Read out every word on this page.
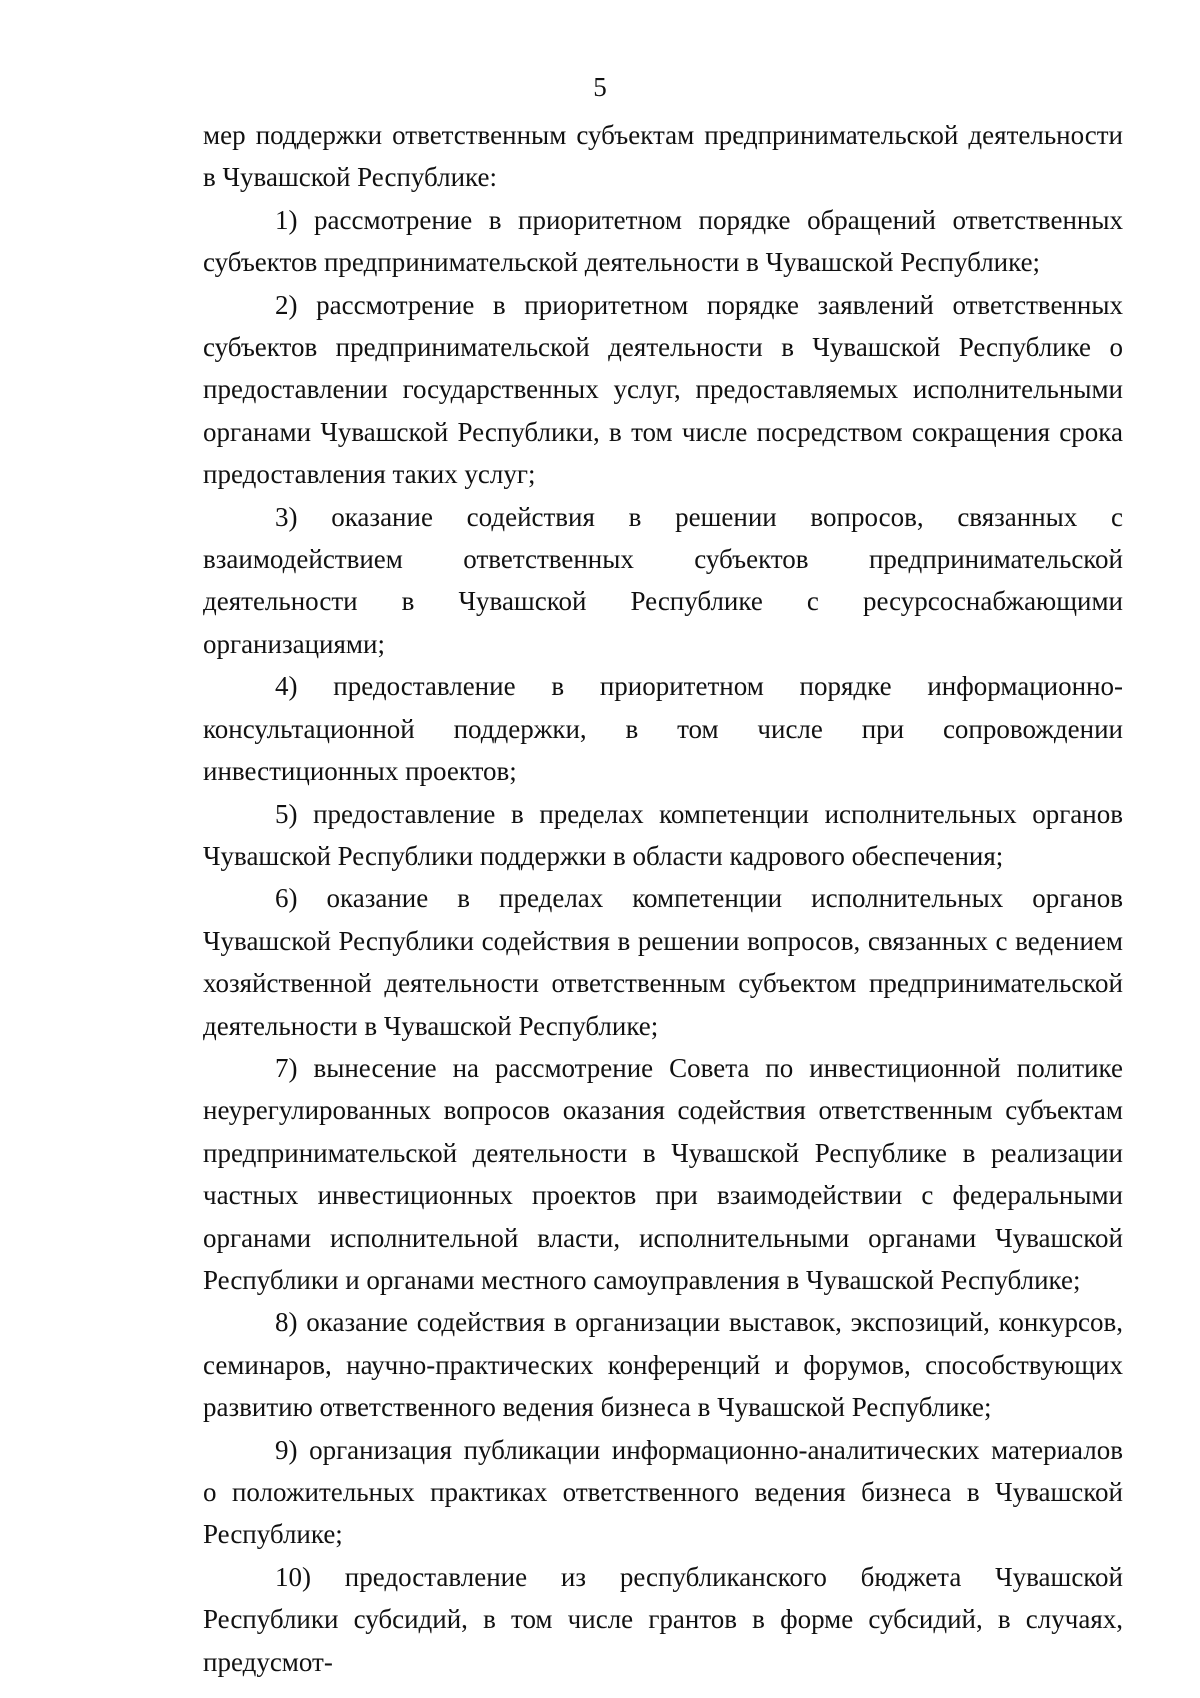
5

мер поддержки ответственным субъектам предпринимательской деятельности в Чувашской Республике:

1) рассмотрение в приоритетном порядке обращений ответственных субъектов предпринимательской деятельности в Чувашской Республике;

2) рассмотрение в приоритетном порядке заявлений ответственных субъектов предпринимательской деятельности в Чувашской Республике о предоставлении государственных услуг, предоставляемых исполнительными органами Чувашской Республики, в том числе посредством сокращения срока предоставления таких услуг;

3) оказание содействия в решении вопросов, связанных с взаимодействием ответственных субъектов предпринимательской деятельности в Чувашской Республике с ресурсоснабжающими организациями;

4) предоставление в приоритетном порядке информационно-консультационной поддержки, в том числе при сопровождении инвестиционных проектов;

5) предоставление в пределах компетенции исполнительных органов Чувашской Республики поддержки в области кадрового обеспечения;

6) оказание в пределах компетенции исполнительных органов Чувашской Республики содействия в решении вопросов, связанных с ведением хозяйственной деятельности ответственным субъектом предпринимательской деятельности в Чувашской Республике;

7) вынесение на рассмотрение Совета по инвестиционной политике неурегулированных вопросов оказания содействия ответственным субъектам предпринимательской деятельности в Чувашской Республике в реализации частных инвестиционных проектов при взаимодействии с федеральными органами исполнительной власти, исполнительными органами Чувашской Республики и органами местного самоуправления в Чувашской Республике;

8) оказание содействия в организации выставок, экспозиций, конкурсов, семинаров, научно-практических конференций и форумов, способствующих развитию ответственного ведения бизнеса в Чувашской Республике;

9) организация публикации информационно-аналитических материалов о положительных практиках ответственного ведения бизнеса в Чувашской Республике;

10) предоставление из республиканского бюджета Чувашской Республики субсидий, в том числе грантов в форме субсидий, в случаях, предусмот-
